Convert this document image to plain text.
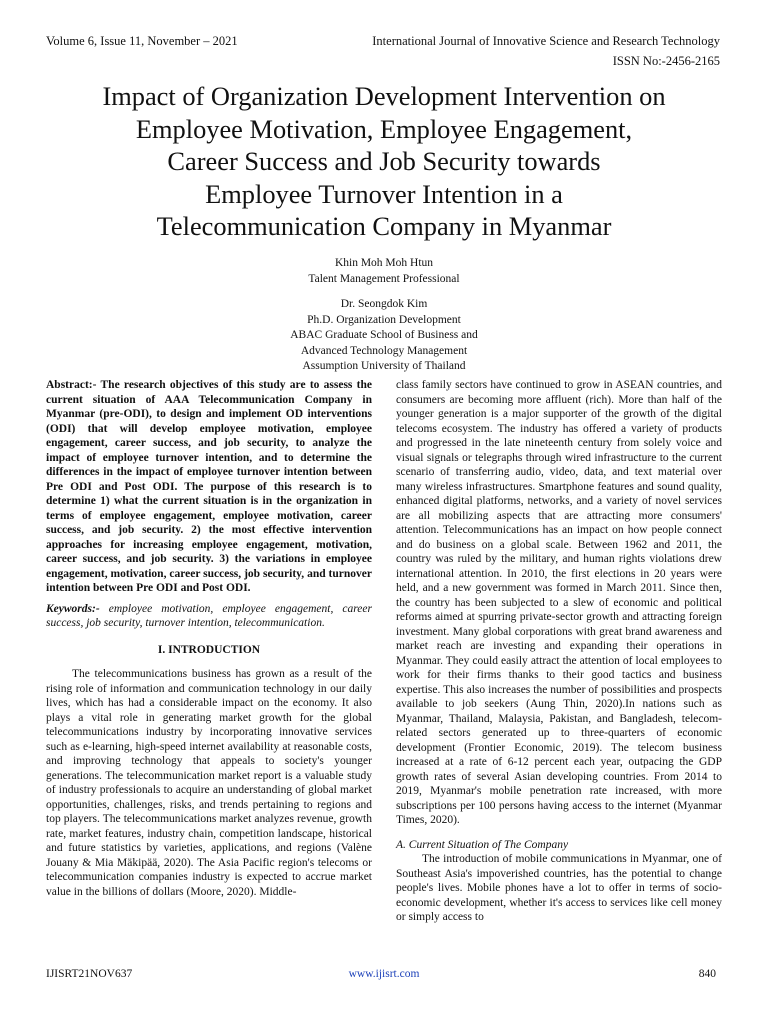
Volume 6, Issue 11, November – 2021	International Journal of Innovative Science and Research Technology
ISSN No:-2456-2165
Impact of Organization Development Intervention on
Employee Motivation, Employee Engagement,
Career Success and Job Security towards
Employee Turnover Intention in a
Telecommunication Company in Myanmar
Khin Moh Moh Htun
Talent Management Professional
Dr. Seongdok Kim
Ph.D. Organization Development
ABAC Graduate School of Business and
Advanced Technology Management
Assumption University of Thailand

Abstract:- The research objectives of this study are to assess the current situation of AAA Telecommunication Company in Myanmar (pre-ODI), to design and implement OD interventions (ODI) that will develop employee motivation, employee engagement, career success, and job security, to analyze the impact of employee turnover intention, and to determine the differences in the impact of employee turnover intention between Pre ODI and Post ODI. The purpose of this research is to determine 1) what the current situation is in the organization in terms of employee engagement, employee motivation, career success, and job security. 2) the most effective intervention approaches for increasing employee engagement, motivation, career success, and job security. 3) the variations in employee engagement, motivation, career success, job security, and turnover intention between Pre ODI and Post ODI.

Keywords:- employee motivation, employee engagement, career success, job security, turnover intention, telecommunication.

I. INTRODUCTION

The telecommunications business has grown as a result of the rising role of information and communication technology in our daily lives, which has had a considerable impact on the economy. It also plays a vital role in generating market growth for the global telecommunications industry by incorporating innovative services such as e-learning, high-speed internet availability at reasonable costs, and improving technology that appeals to society's younger generations. The telecommunication market report is a valuable study of industry professionals to acquire an understanding of global market opportunities, challenges, risks, and trends pertaining to regions and top players. The telecommunications market analyzes revenue, growth rate, market features, industry chain, competition landscape, historical and future statistics by varieties, applications, and regions (Valène Jouany & Mia Mäkipää, 2020). The Asia Pacific region's telecoms or telecommunication companies industry is expected to accrue market value in the billions of dollars (Moore, 2020). Middle-

class family sectors have continued to grow in ASEAN countries, and consumers are becoming more affluent (rich). More than half of the younger generation is a major supporter of the growth of the digital telecoms ecosystem. The industry has offered a variety of products and progressed in the late nineteenth century from solely voice and visual signals or telegraphs through wired infrastructure to the current scenario of transferring audio, video, data, and text material over many wireless infrastructures. Smartphone features and sound quality, enhanced digital platforms, networks, and a variety of novel services are all mobilizing aspects that are attracting more consumers' attention. Telecommunications has an impact on how people connect and do business on a global scale. Between 1962 and 2011, the country was ruled by the military, and human rights violations drew international attention. In 2010, the first elections in 20 years were held, and a new government was formed in March 2011. Since then, the country has been subjected to a slew of economic and political reforms aimed at spurring private-sector growth and attracting foreign investment. Many global corporations with great brand awareness and market reach are investing and expanding their operations in Myanmar. They could easily attract the attention of local employees to work for their firms thanks to their good tactics and business expertise. This also increases the number of possibilities and prospects available to job seekers (Aung Thin, 2020).In nations such as Myanmar, Thailand, Malaysia, Pakistan, and Bangladesh, telecom-related sectors generated up to three-quarters of economic development (Frontier Economic, 2019). The telecom business increased at a rate of 6-12 percent each year, outpacing the GDP growth rates of several Asian developing countries. From 2014 to 2019, Myanmar's mobile penetration rate increased, with more subscriptions per 100 persons having access to the internet (Myanmar Times, 2020).

A. Current Situation of The Company

The introduction of mobile communications in Myanmar, one of Southeast Asia's impoverished countries, has the potential to change people's lives. Mobile phones have a lot to offer in terms of socio-economic development, whether it's access to services like cell money or simply access to

IJISRT21NOV637	www.ijisrt.com	840
